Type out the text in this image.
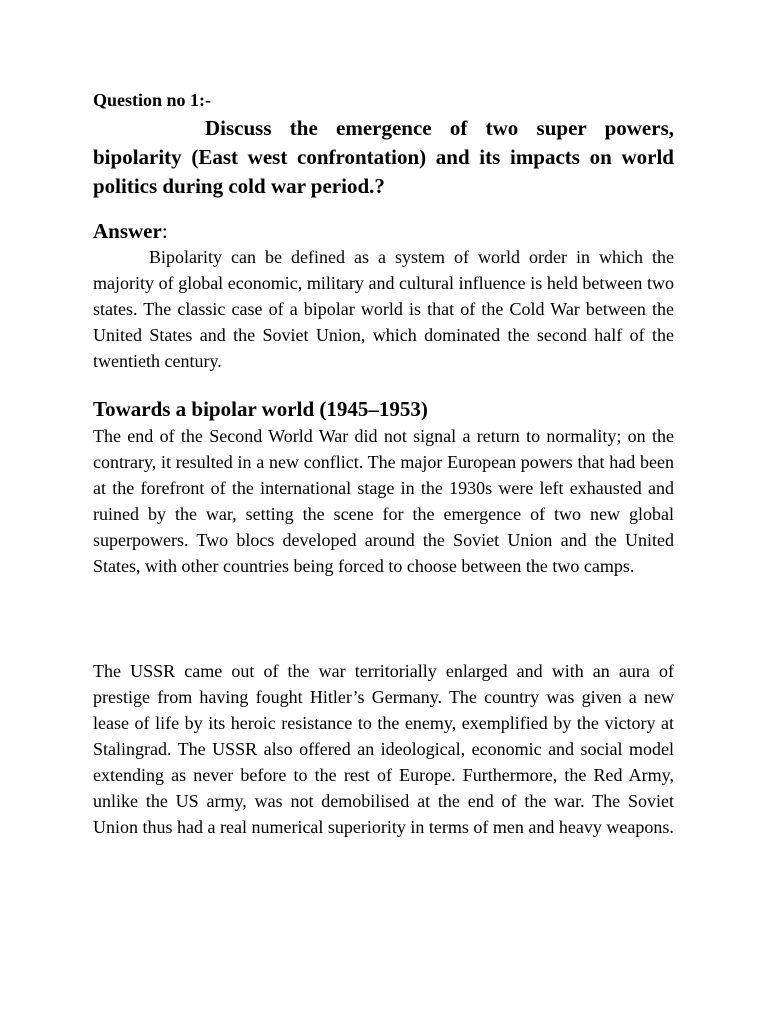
Question no 1:-

Discuss the emergence of two super powers, bipolarity (East west confrontation) and its impacts on world politics during cold war period.?

Answer:

Bipolarity can be defined as a system of world order in which the majority of global economic, military and cultural influence is held between two states. The classic case of a bipolar world is that of the Cold War between the United States and the Soviet Union, which dominated the second half of the twentieth century.

Towards a bipolar world (1945–1953)

The end of the Second World War did not signal a return to normality; on the contrary, it resulted in a new conflict. The major European powers that had been at the forefront of the international stage in the 1930s were left exhausted and ruined by the war, setting the scene for the emergence of two new global superpowers. Two blocs developed around the Soviet Union and the United States, with other countries being forced to choose between the two camps.

The USSR came out of the war territorially enlarged and with an aura of prestige from having fought Hitler’s Germany. The country was given a new lease of life by its heroic resistance to the enemy, exemplified by the victory at Stalingrad. The USSR also offered an ideological, economic and social model extending as never before to the rest of Europe. Furthermore, the Red Army, unlike the US army, was not demobilised at the end of the war. The Soviet Union thus had a real numerical superiority in terms of men and heavy weapons.
